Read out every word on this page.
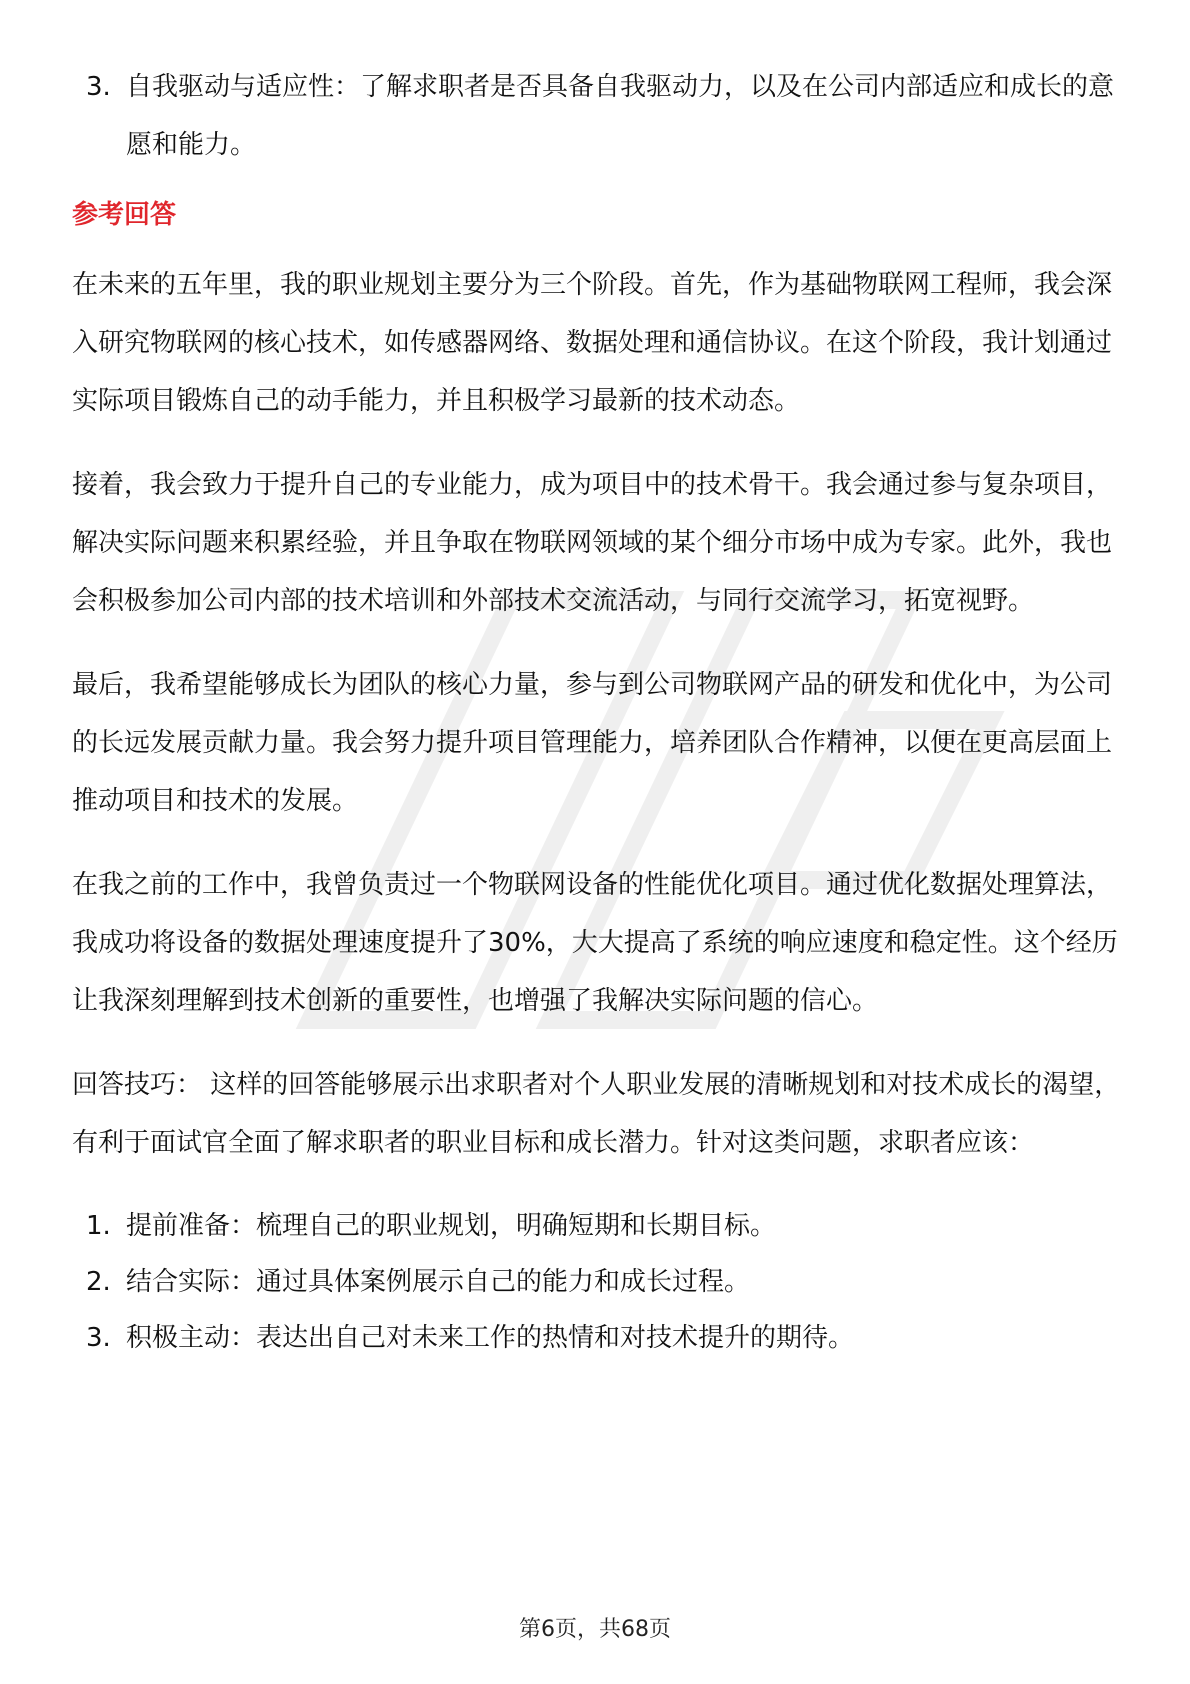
3. 自我驱动与适应性：了解求职者是否具备自我驱动力，以及在公司内部适应和成长的意愿和能力。
参考回答

在未来的五年里，我的职业规划主要分为三个阶段。首先，作为基础物联网工程师，我会深入研究物联网的核心技术，如传感器网络、数据处理和通信协议。在这个阶段，我计划通过实际项目锻炼自己的动手能力，并且积极学习最新的技术动态。

接着，我会致力于提升自己的专业能力，成为项目中的技术骨干。我会通过参与复杂项目，解决实际问题来积累经验，并且争取在物联网领域的某个细分市场中成为专家。此外，我也会积极参加公司内部的技术培训和外部技术交流活动，与同行交流学习，拓宽视野。

最后，我希望能够成长为团队的核心力量，参与到公司物联网产品的研发和优化中，为公司的长远发展贡献力量。我会努力提升项目管理能力，培养团队合作精神，以便在更高层面上推动项目和技术的发展。

在我之前的工作中，我曾负责过一个物联网设备的性能优化项目。通过优化数据处理算法，我成功将设备的数据处理速度提升了30%，大大提高了系统的响应速度和稳定性。这个经历让我深刻理解到技术创新的重要性，也增强了我解决实际问题的信心。

回答技巧： 这样的回答能够展示出求职者对个人职业发展的清晰规划和对技术成长的渴望，有利于面试官全面了解求职者的职业目标和成长潜力。针对这类问题，求职者应该：

1. 提前准备：梳理自己的职业规划，明确短期和长期目标。
2. 结合实际：通过具体案例展示自己的能力和成长过程。
3. 积极主动：表达出自己对未来工作的热情和对技术提升的期待。
第6页，共68页
